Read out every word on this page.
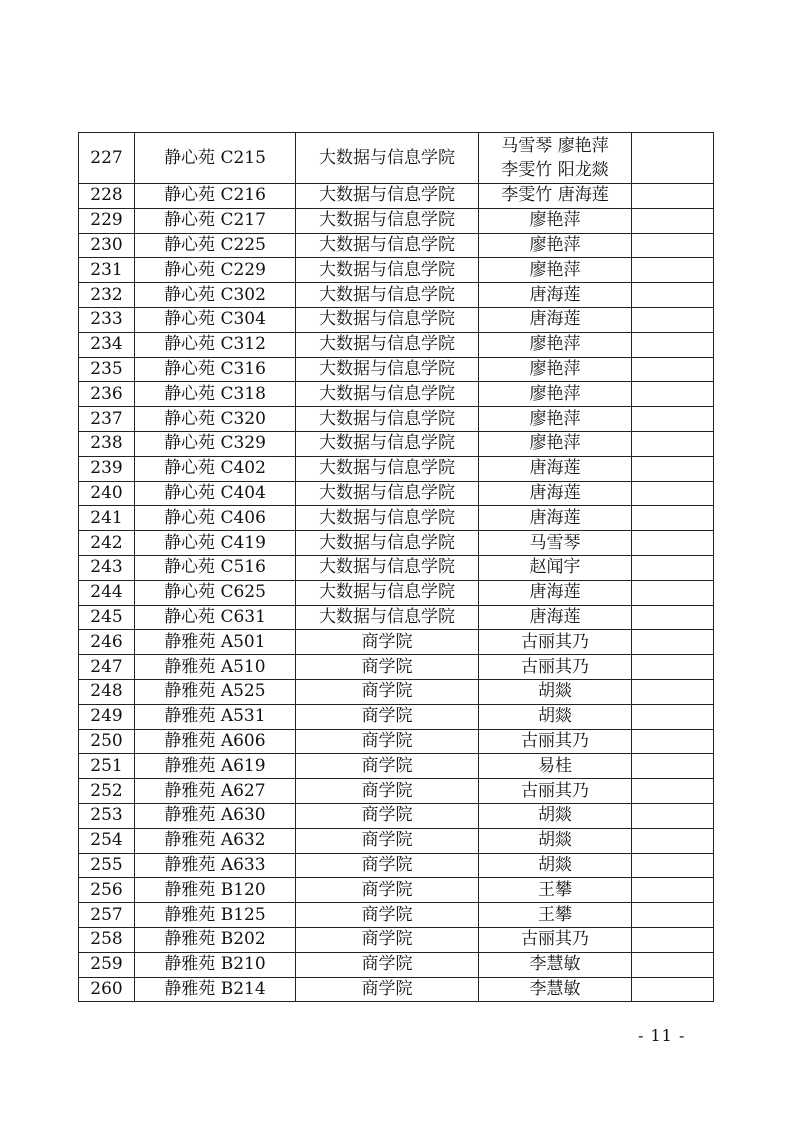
227	静心苑 C215	大数据与信息学院	马雪琴 廖艳萍
李雯竹 阳龙燚	

228	静心苑 C216	大数据与信息学院	李雯竹 唐海莲	

229	静心苑 C217	大数据与信息学院	廖艳萍	

230	静心苑 C225	大数据与信息学院	廖艳萍	

231	静心苑 C229	大数据与信息学院	廖艳萍	

232	静心苑 C302	大数据与信息学院	唐海莲	

233	静心苑 C304	大数据与信息学院	唐海莲	

234	静心苑 C312	大数据与信息学院	廖艳萍	

235	静心苑 C316	大数据与信息学院	廖艳萍	

236	静心苑 C318	大数据与信息学院	廖艳萍	

237	静心苑 C320	大数据与信息学院	廖艳萍	

238	静心苑 C329	大数据与信息学院	廖艳萍	

239	静心苑 C402	大数据与信息学院	唐海莲	

240	静心苑 C404	大数据与信息学院	唐海莲	

241	静心苑 C406	大数据与信息学院	唐海莲	

242	静心苑 C419	大数据与信息学院	马雪琴	

243	静心苑 C516	大数据与信息学院	赵闻宇	

244	静心苑 C625	大数据与信息学院	唐海莲	

245	静心苑 C631	大数据与信息学院	唐海莲	

246	静雅苑 A501	商学院	古丽其乃	

247	静雅苑 A510	商学院	古丽其乃	

248	静雅苑 A525	商学院	胡燚	

249	静雅苑 A531	商学院	胡燚	

250	静雅苑 A606	商学院	古丽其乃	

251	静雅苑 A619	商学院	易桂	

252	静雅苑 A627	商学院	古丽其乃	

253	静雅苑 A630	商学院	胡燚	

254	静雅苑 A632	商学院	胡燚	

255	静雅苑 A633	商学院	胡燚	

256	静雅苑 B120	商学院	王攀	

257	静雅苑 B125	商学院	王攀	

258	静雅苑 B202	商学院	古丽其乃	

259	静雅苑 B210	商学院	李慧敏	

260	静雅苑 B214	商学院	李慧敏	

- 11 -
